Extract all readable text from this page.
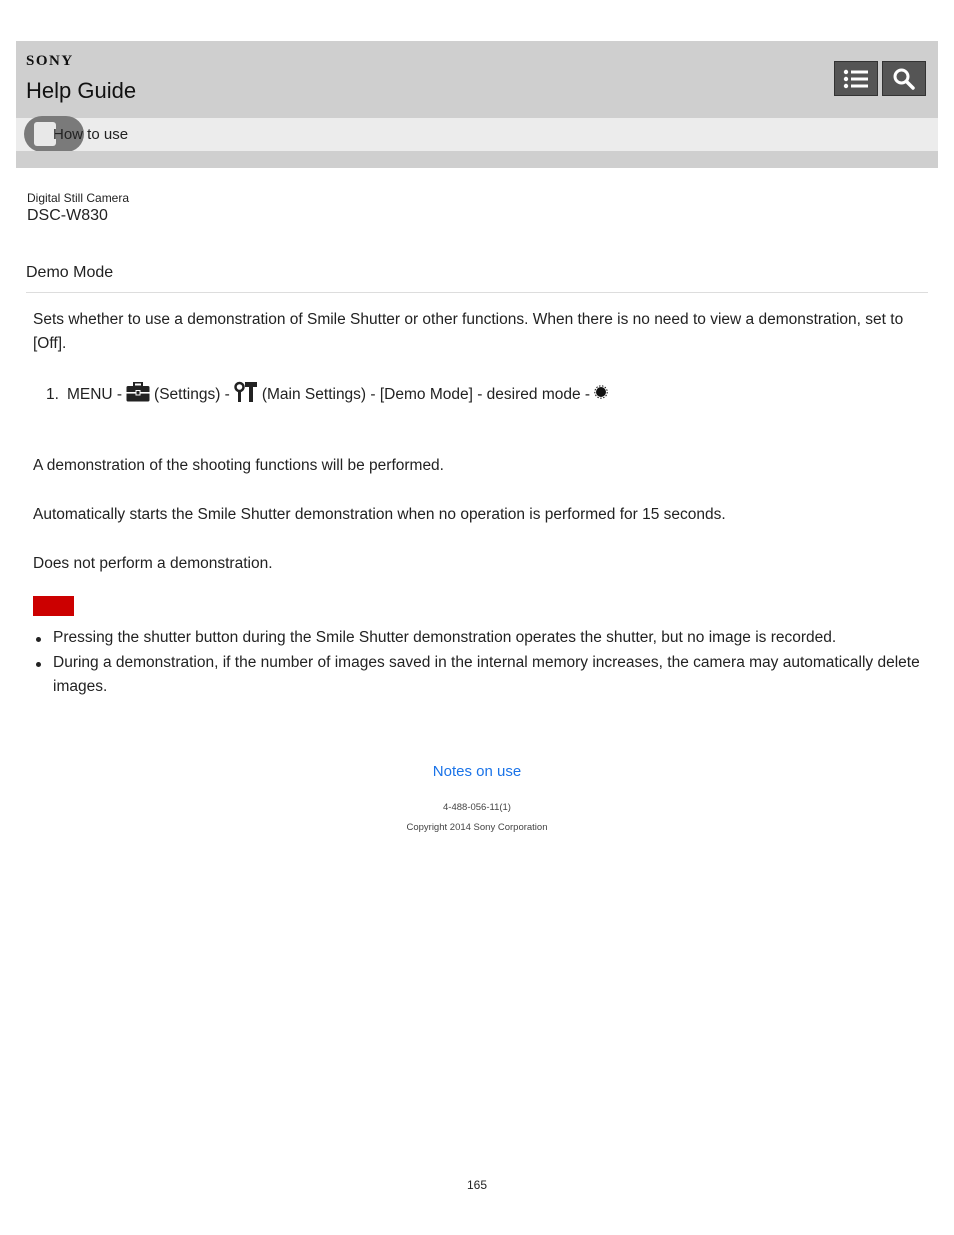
SONY
Help Guide
How to use
Digital Still Camera
DSC-W830
Demo Mode
Sets whether to use a demonstration of Smile Shutter or other functions. When there is no need to view a demonstration, set to [Off].
1. MENU - (Settings) - (Main Settings) - [Demo Mode] - desired mode -
A demonstration of the shooting functions will be performed.
Automatically starts the Smile Shutter demonstration when no operation is performed for 15 seconds.
Does not perform a demonstration.
Pressing the shutter button during the Smile Shutter demonstration operates the shutter, but no image is recorded.
During a demonstration, if the number of images saved in the internal memory increases, the camera may automatically delete images.
Notes on use
4-488-056-11(1)
Copyright 2014 Sony Corporation
165
